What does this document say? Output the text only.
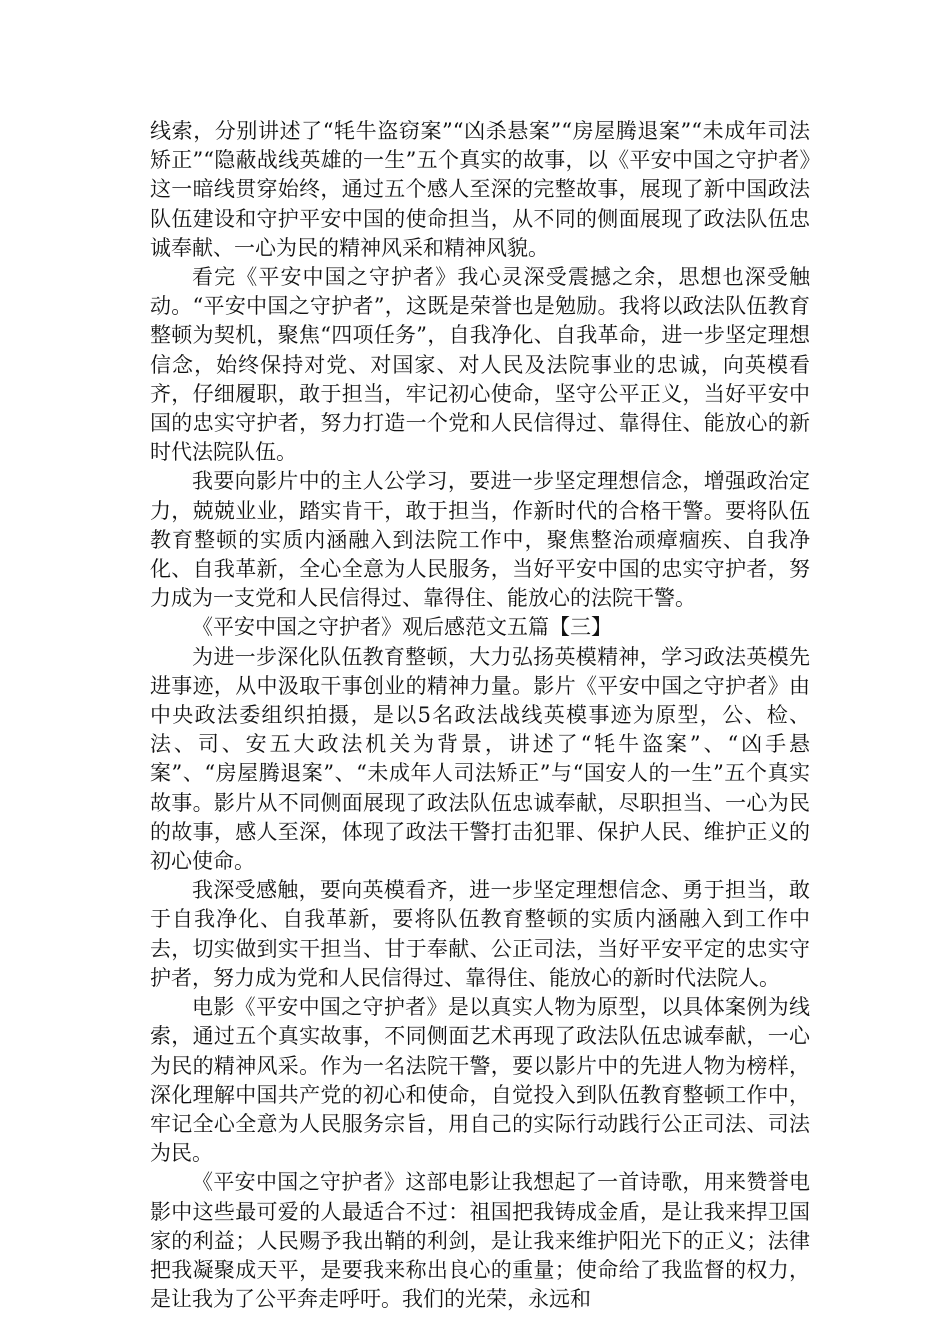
线索，分别讲述了“牦牛盗窃案”“凶杀悬案”“房屋腾退案”“未成年司法矫正”“隐蔽战线英雄的一生”五个真实的故事，以《平安中国之守护者》这一暗线贯穿始终，通过五个感人至深的完整故事，展现了新中国政法队伍建设和守护平安中国的使命担当，从不同的侧面展现了政法队伍忠诚奉献、一心为民的精神风采和精神风貌。

看完《平安中国之守护者》我心灵深受震撼之余，思想也深受触动。“平安中国之守护者”，这既是荣誉也是勉励。我将以政法队伍教育整顿为契机，聚焦“四项任务”，自我净化、自我革命，进一步坚定理想信念，始终保持对党、对国家、对人民及法院事业的忠诚，向英模看齐，仔细履职，敢于担当，牢记初心使命，坚守公平正义，当好平安中国的忠实守护者，努力打造一个党和人民信得过、靠得住、能放心的新时代法院队伍。

我要向影片中的主人公学习，要进一步坚定理想信念，增强政治定力，兢兢业业，踏实肯干，敢于担当，作新时代的合格干警。要将队伍教育整顿的实质内涵融入到法院工作中，聚焦整治顽瘴痼疾、自我净化、自我革新，全心全意为人民服务，当好平安中国的忠实守护者，努力成为一支党和人民信得过、靠得住、能放心的法院干警。

《平安中国之守护者》观后感范文五篇【三】

为进一步深化队伍教育整顿，大力弘扬英模精神，学习政法英模先进事迹，从中汲取干事创业的精神力量。影片《平安中国之守护者》由中央政法委组织拍摄，是以5名政法战线英模事迹为原型，公、检、法、司、安五大政法机关为背景，讲述了“牦牛盗案”、“凶手悬案”、“房屋腾退案”、“未成年人司法矫正”与“国安人的一生”五个真实故事。影片从不同侧面展现了政法队伍忠诚奉献，尽职担当、一心为民的故事，感人至深，体现了政法干警打击犯罪、保护人民、维护正义的初心使命。

我深受感触，要向英模看齐，进一步坚定理想信念、勇于担当，敢于自我净化、自我革新，要将队伍教育整顿的实质内涵融入到工作中去，切实做到实干担当、甘于奉献、公正司法，当好平安平定的忠实守护者，努力成为党和人民信得过、靠得住、能放心的新时代法院人。

电影《平安中国之守护者》是以真实人物为原型，以具体案例为线索，通过五个真实故事，不同侧面艺术再现了政法队伍忠诚奉献，一心为民的精神风采。作为一名法院干警，要以影片中的先进人物为榜样，深化理解中国共产党的初心和使命，自觉投入到队伍教育整顿工作中，牢记全心全意为人民服务宗旨，用自己的实际行动践行公正司法、司法为民。

《平安中国之守护者》这部电影让我想起了一首诗歌，用来赞誉电影中这些最可爱的人最适合不过：祖国把我铸成金盾，是让我来捍卫国家的利益；人民赐予我出鞘的利剑，是让我来维护阳光下的正义；法律把我凝聚成天平，是要我来称出良心的重量；使命给了我监督的权力，是让我为了公平奔走呼吁。我们的光荣，永远和
